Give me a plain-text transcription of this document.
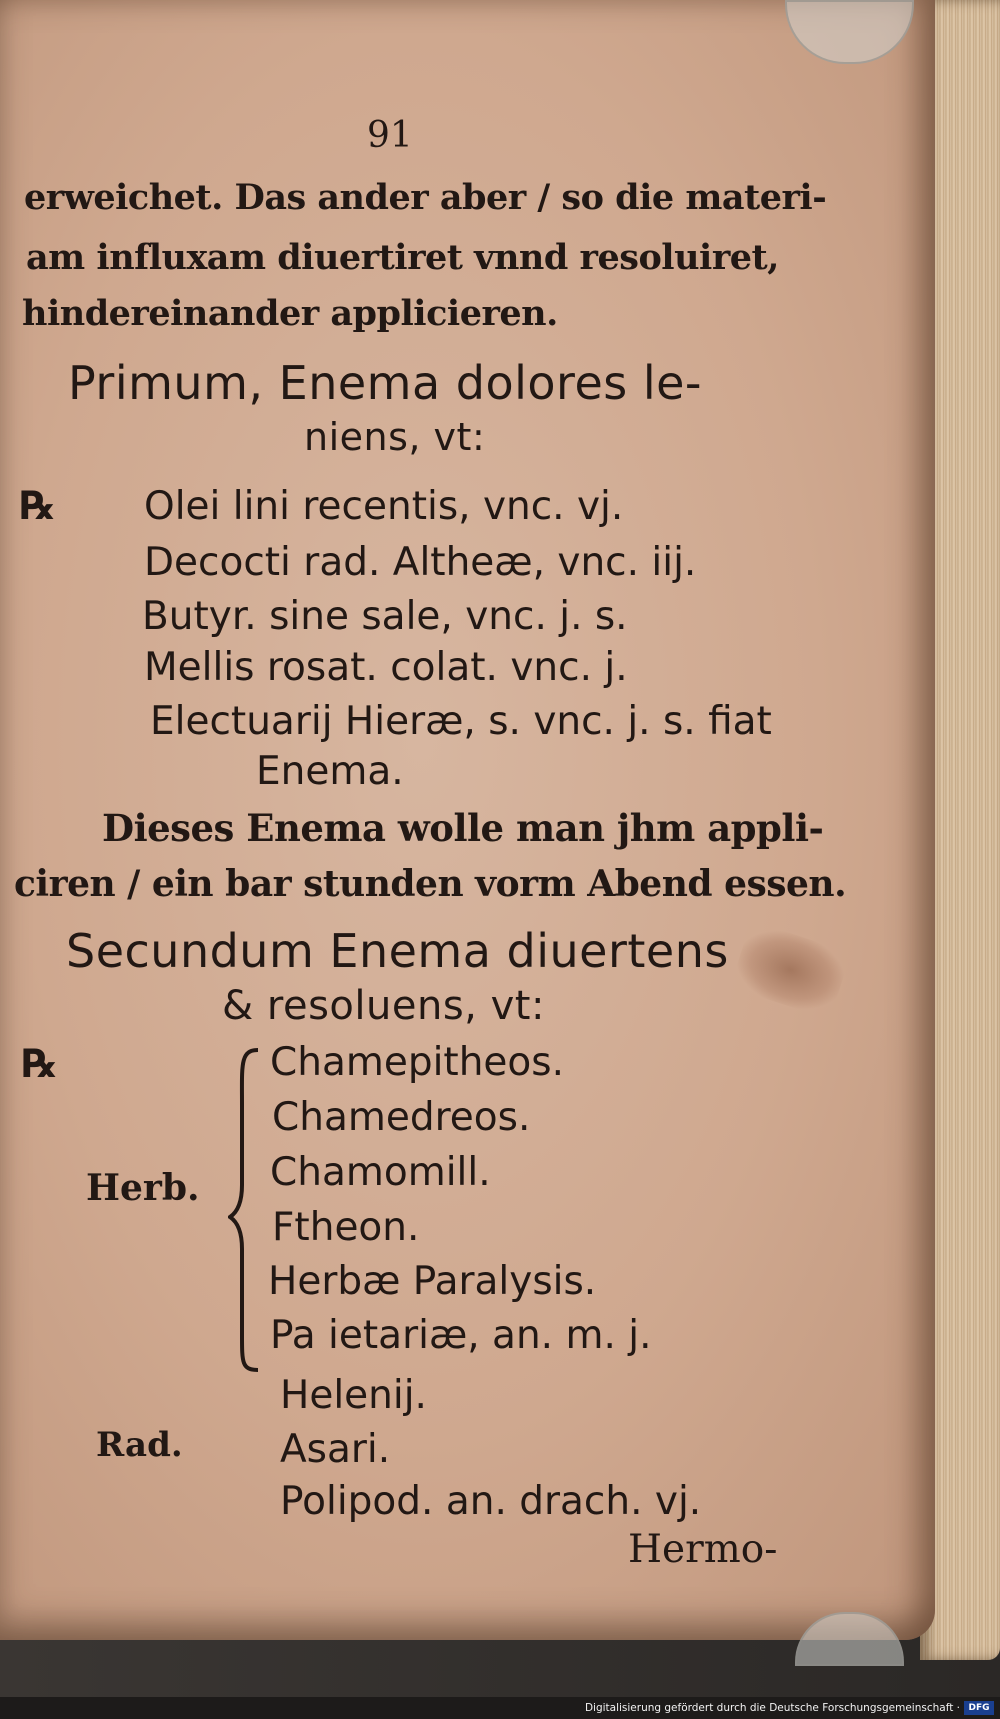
91
erweichet. Das ander aber / so die materi-
am influxam diuertiret vnnd resoluiret,
hindereinander applicieren.
Primum, Enema dolores le-
niens, vt:
℞ Olei lini recentis, vnc. vj.
Decocti rad. Altheæ, vnc. iij.
Butyr. sine sale, vnc. j. s.
Mellis rosat. colat. vnc. j.
Electuarij Hieræ, s. vnc. j. s. fiat
Enema.
Dieses Enema wolle man jhm appli-
ciren / ein bar stunden vorm Abend essen.
Secundum Enema diuertens
& resoluens, vt:
℞
Herb.
Chamepitheos.
Chamedreos.
Chamomill.
Ftheon.
Herbæ Paralysis.
Pa ietariæ, an. m. j.
Helenij.
Rad. Asari.
Polipod. an. drach. vj.
Hermo-
Digitalisierung gefördert durch die Deutsche Forschungsgemeinschaft · DFG
